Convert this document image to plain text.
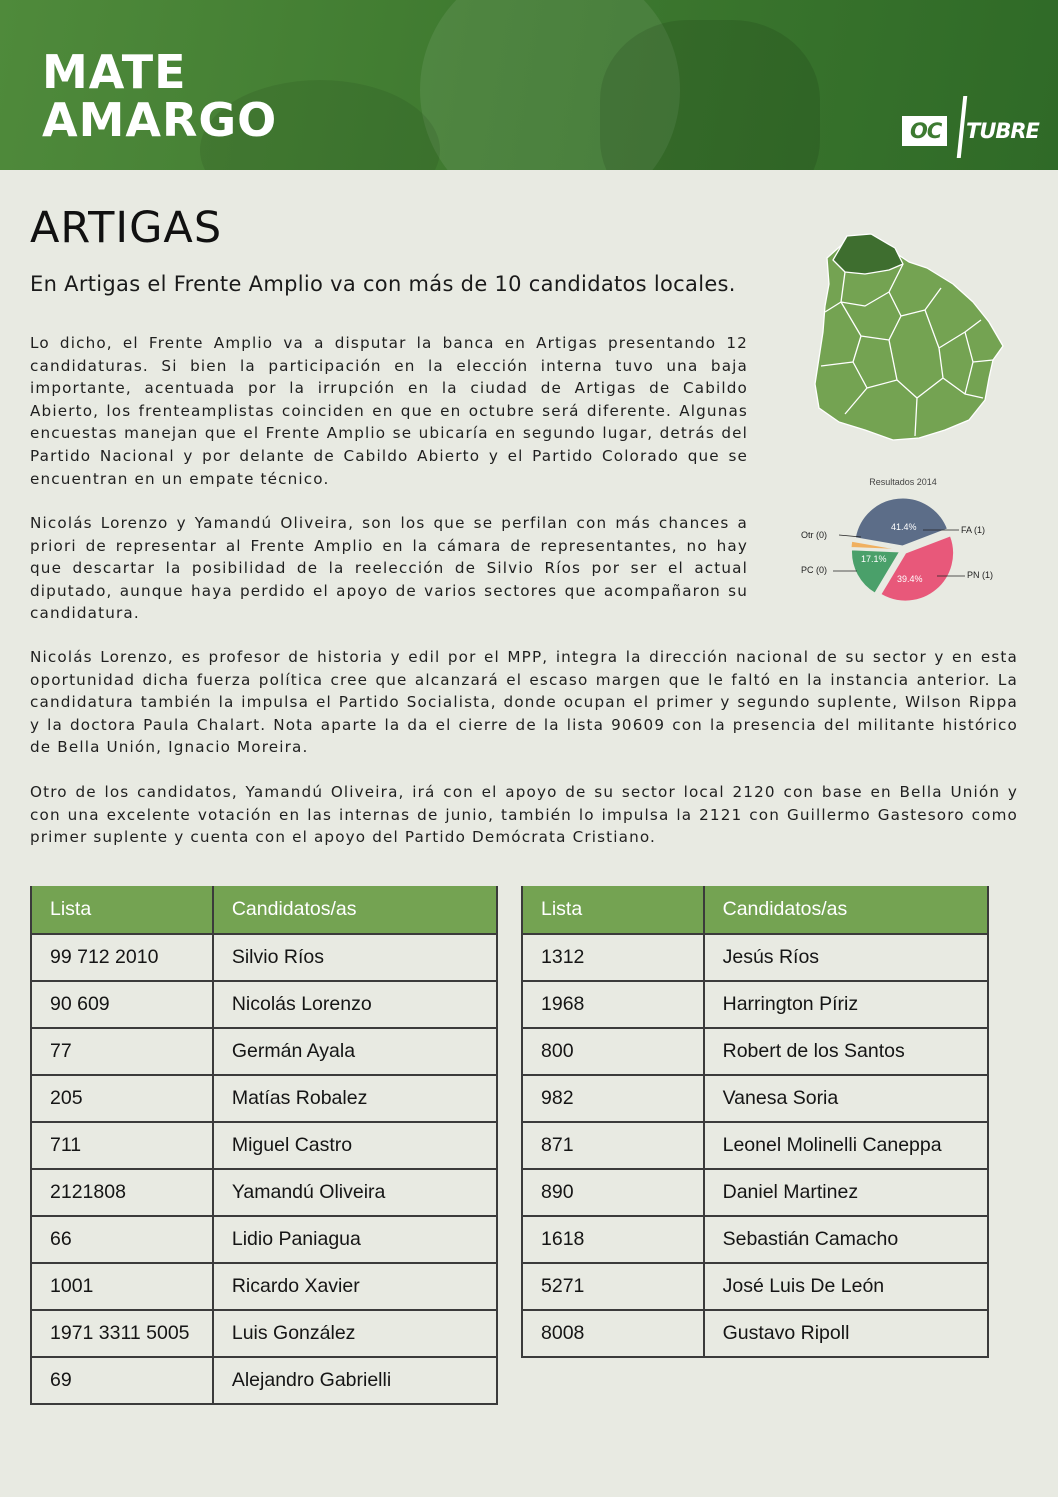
MATE
AMARGO	OC TUBRE
ARTIGAS
En Artigas el Frente Amplio va con más de 10 candidatos locales.
Lo dicho, el Frente Amplio va a disputar la banca en Artigas presentando 12 candidaturas. Si bien la participación en la elección interna tuvo una baja importante, acentuada por la irrupción en la ciudad de Artigas de Cabildo Abierto, los frenteamplistas coinciden en que en octubre será diferente. Algunas encuestas manejan que el Frente Amplio se ubicaría en segundo lugar, detrás del Partido Nacional y por delante de Cabildo Abierto y el Partido Colorado que se encuentran en un empate técnico.
Nicolás Lorenzo y Yamandú Oliveira, son los que se perfilan con más chances a priori de representar al Frente Amplio en la cámara de representantes, no hay que descartar la posibilidad de la reelección de Silvio Ríos por ser el actual diputado, aunque haya perdido el apoyo de varios sectores que acompañaron su candidatura.
Nicolás Lorenzo, es profesor de historia y edil por el MPP, integra la dirección nacional de su sector y en esta oportunidad dicha fuerza política cree que alcanzará el escaso margen que le faltó en la instancia anterior. La candidatura también la impulsa el Partido Socialista, donde ocupan el primer y segundo suplente, Wilson Rippa y la doctora Paula Chalart. Nota aparte la da el cierre de la lista 90609 con la presencia del militante histórico de Bella Unión, Ignacio Moreira.
Otro de los candidatos, Yamandú Oliveira, irá con el apoyo de su sector local 2120 con base en Bella Unión y con una excelente votación en las internas de junio, también lo impulsa la 2121 con Guillermo Gastesoro como primer suplente y cuenta con el apoyo del Partido Demócrata Cristiano.
Resultados 2014
Otr (0)
PC (0)
FA (1)
PN (1)
41.4%
39.4%
17.1%
Lista	Candidatos/as
99 712 2010	Silvio Ríos
90 609	Nicolás Lorenzo
77	Germán Ayala
205	Matías Robalez
711	Miguel Castro
2121808	Yamandú Oliveira
66	Lidio Paniagua
1001	Ricardo Xavier
1971 3311 5005	Luis González
69	Alejandro Gabrielli
Lista	Candidatos/as
1312	Jesús Ríos
1968	Harrington Píriz
800	Robert de los Santos
982	Vanesa Soria
871	Leonel Molinelli Caneppa
890	Daniel Martinez
1618	Sebastián Camacho
5271	José Luis De León
8008	Gustavo Ripoll
